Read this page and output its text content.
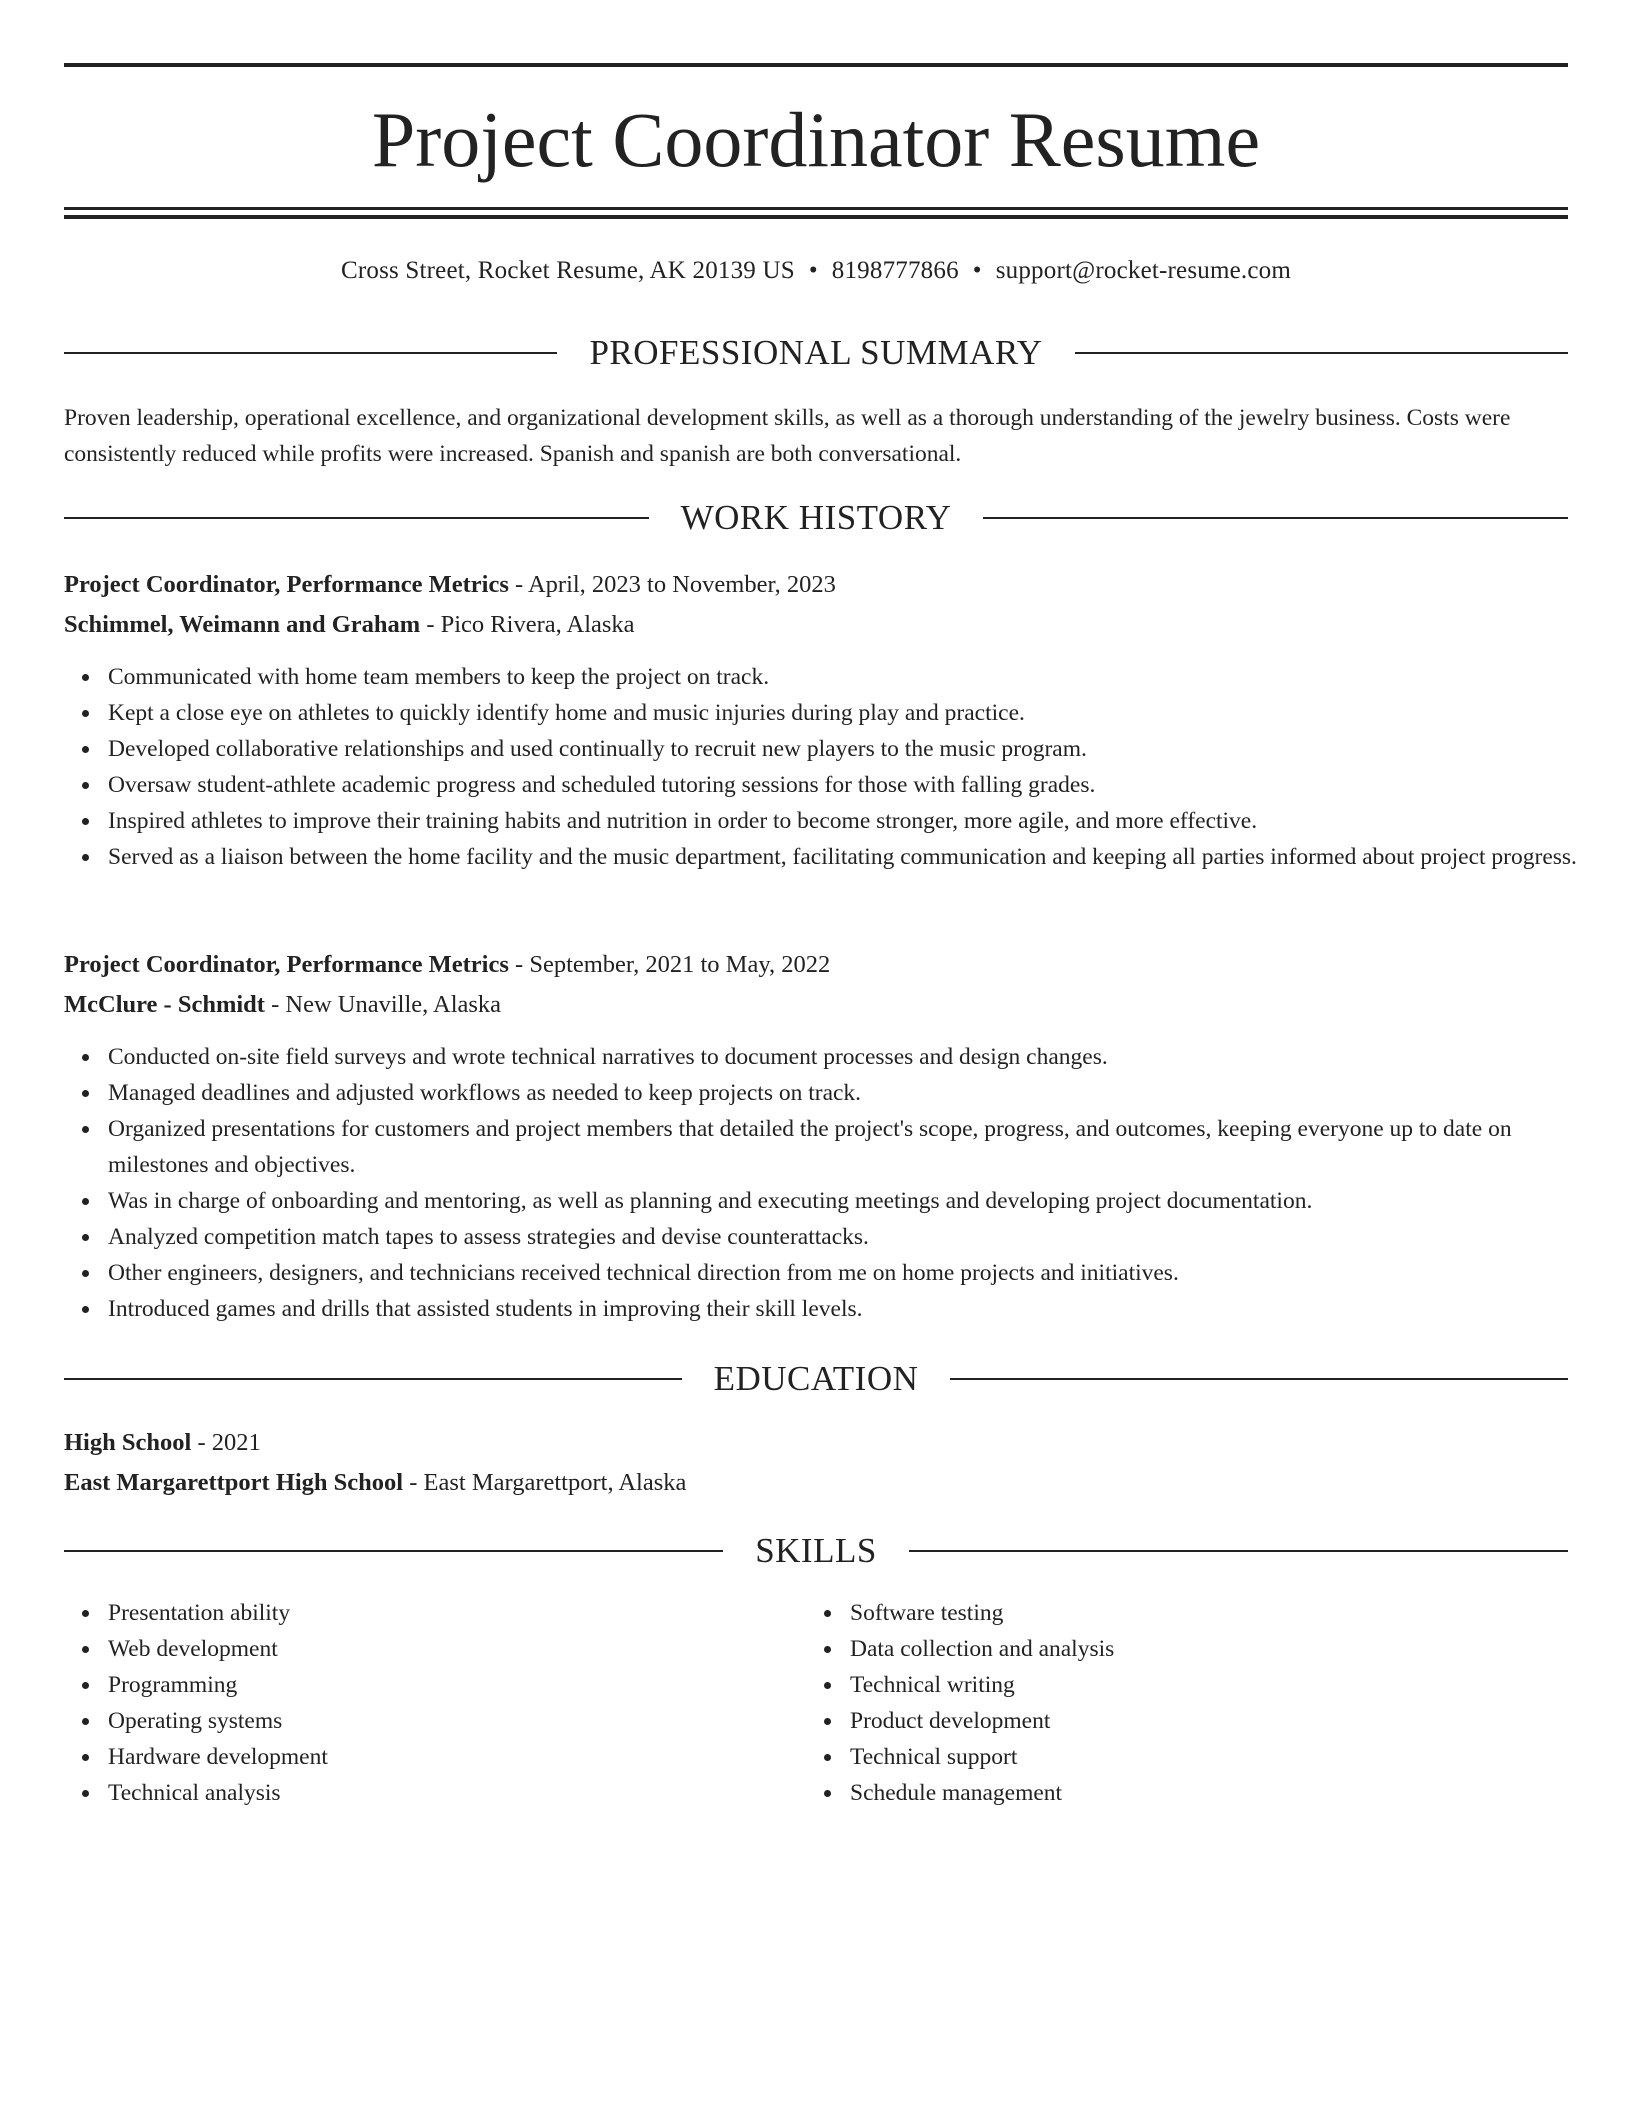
Project Coordinator Resume
Cross Street, Rocket Resume, AK 20139 US • 8198777866 • support@rocket-resume.com
PROFESSIONAL SUMMARY

Proven leadership, operational excellence, and organizational development skills, as well as a thorough understanding of the jewelry business. Costs were consistently reduced while profits were increased. Spanish and spanish are both conversational.

WORK HISTORY
Project Coordinator, Performance Metrics - April, 2023 to November, 2023
Schimmel, Weimann and Graham - Pico Rivera, Alaska
Communicated with home team members to keep the project on track.
Kept a close eye on athletes to quickly identify home and music injuries during play and practice.
Developed collaborative relationships and used continually to recruit new players to the music program.
Oversaw student-athlete academic progress and scheduled tutoring sessions for those with falling grades.
Inspired athletes to improve their training habits and nutrition in order to become stronger, more agile, and more effective.
Served as a liaison between the home facility and the music department, facilitating communication and keeping all parties informed about project progress.
Project Coordinator, Performance Metrics - September, 2021 to May, 2022
McClure - Schmidt - New Unaville, Alaska
Conducted on-site field surveys and wrote technical narratives to document processes and design changes.
Managed deadlines and adjusted workflows as needed to keep projects on track.
Organized presentations for customers and project members that detailed the project's scope, progress, and outcomes, keeping everyone up to date on milestones and objectives.
Was in charge of onboarding and mentoring, as well as planning and executing meetings and developing project documentation.
Analyzed competition match tapes to assess strategies and devise counterattacks.
Other engineers, designers, and technicians received technical direction from me on home projects and initiatives.
Introduced games and drills that assisted students in improving their skill levels.
EDUCATION
High School - 2021
East Margarettport High School - East Margarettport, Alaska
SKILLS
Presentation ability
Web development
Programming
Operating systems
Hardware development
Technical analysis
Software testing
Data collection and analysis
Technical writing
Product development
Technical support
Schedule management
